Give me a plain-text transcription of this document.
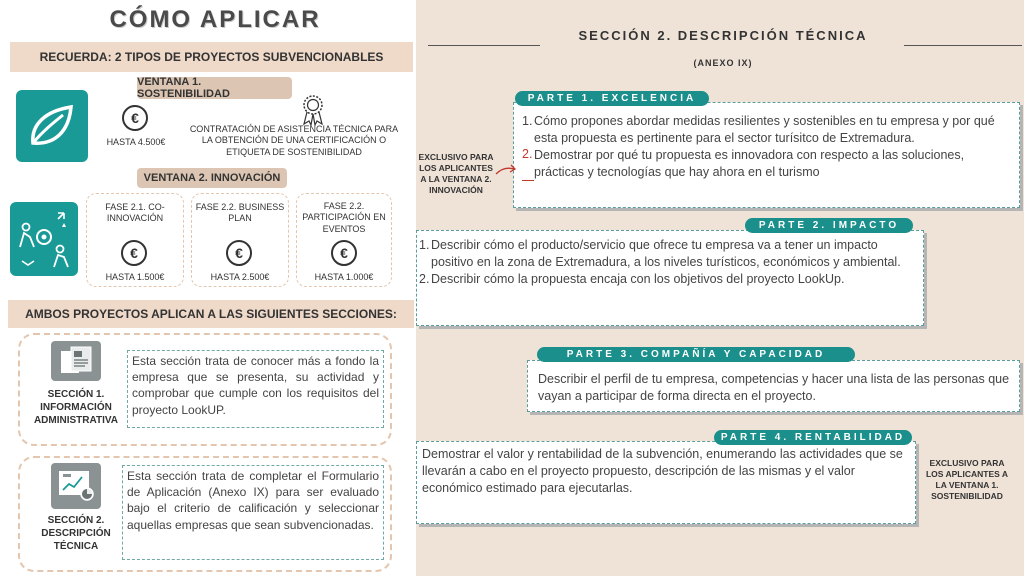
CÓMO APLICAR
RECUERDA: 2 TIPOS DE PROYECTOS SUBVENCIONABLES
VENTANA 1. SOSTENIBILIDAD
€
HASTA 4.500€
CONTRATACIÓN DE ASISTENCIA TÉCNICA PARA LA OBTENCIÓN DE UNA CERTIFICACIÓN O ETIQUETA DE SOSTENIBILIDAD
VENTANA 2. INNOVACIÓN
FASE 2.1. CO-INNOVACIÓN
€
HASTA 1.500€
FASE 2.2. BUSINESS PLAN
€
HASTA 2.500€
FASE 2.2. PARTICIPACIÓN EN EVENTOS
€
HASTA 1.000€
AMBOS PROYECTOS APLICAN A LAS SIGUIENTES SECCIONES:
SECCIÓN 1. INFORMACIÓN ADMINISTRATIVA
Esta sección trata de conocer más a fondo la empresa que se presenta, su actividad y comprobar que cumple con los requisitos del proyecto LookUP.
SECCIÓN 2. DESCRIPCIÓN TÉCNICA
Esta sección trata de completar el Formulario de Aplicación (Anexo IX) para ser evaluado bajo el criterio de calificación y seleccionar aquellas empresas que sean subvencionadas.
SECCIÓN 2. DESCRIPCIÓN TÉCNICA
(ANEXO IX)
1. Cómo propones abordar medidas resilientes y sostenibles en tu empresa y por qué esta propuesta es pertinente para el sector turísitco de Extremadura.
2. Demostrar por qué tu propuesta es innovadora con respecto a las soluciones, prácticas y tecnologías que hay ahora en el turismo
PARTE 1. EXCELENCIA
EXCLUSIVO PARA LOS APLICANTES A LA VENTANA 2. INNOVACIÓN
1. Describir cómo el producto/servicio que ofrece tu empresa va a tener un impacto positivo en la zona de Extremadura, a los niveles turísticos, económicos y ambiental.
2. Describir cómo la propuesta encaja con los objetivos del proyecto LookUp.
PARTE 2. IMPACTO
Describir el perfil de tu empresa, competencias y hacer una lista de las personas que vayan a participar de forma directa en el proyecto.
PARTE 3. COMPAÑÍA Y CAPACIDAD
Demostrar el valor y rentabilidad de la subvención, enumerando las actividades que se llevarán a cabo en el proyecto propuesto, descripción de las mismas y el valor económico estimado para ejecutarlas.
PARTE 4. RENTABILIDAD
EXCLUSIVO PARA LOS APLICANTES A LA VENTANA 1. SOSTENIBILIDAD
